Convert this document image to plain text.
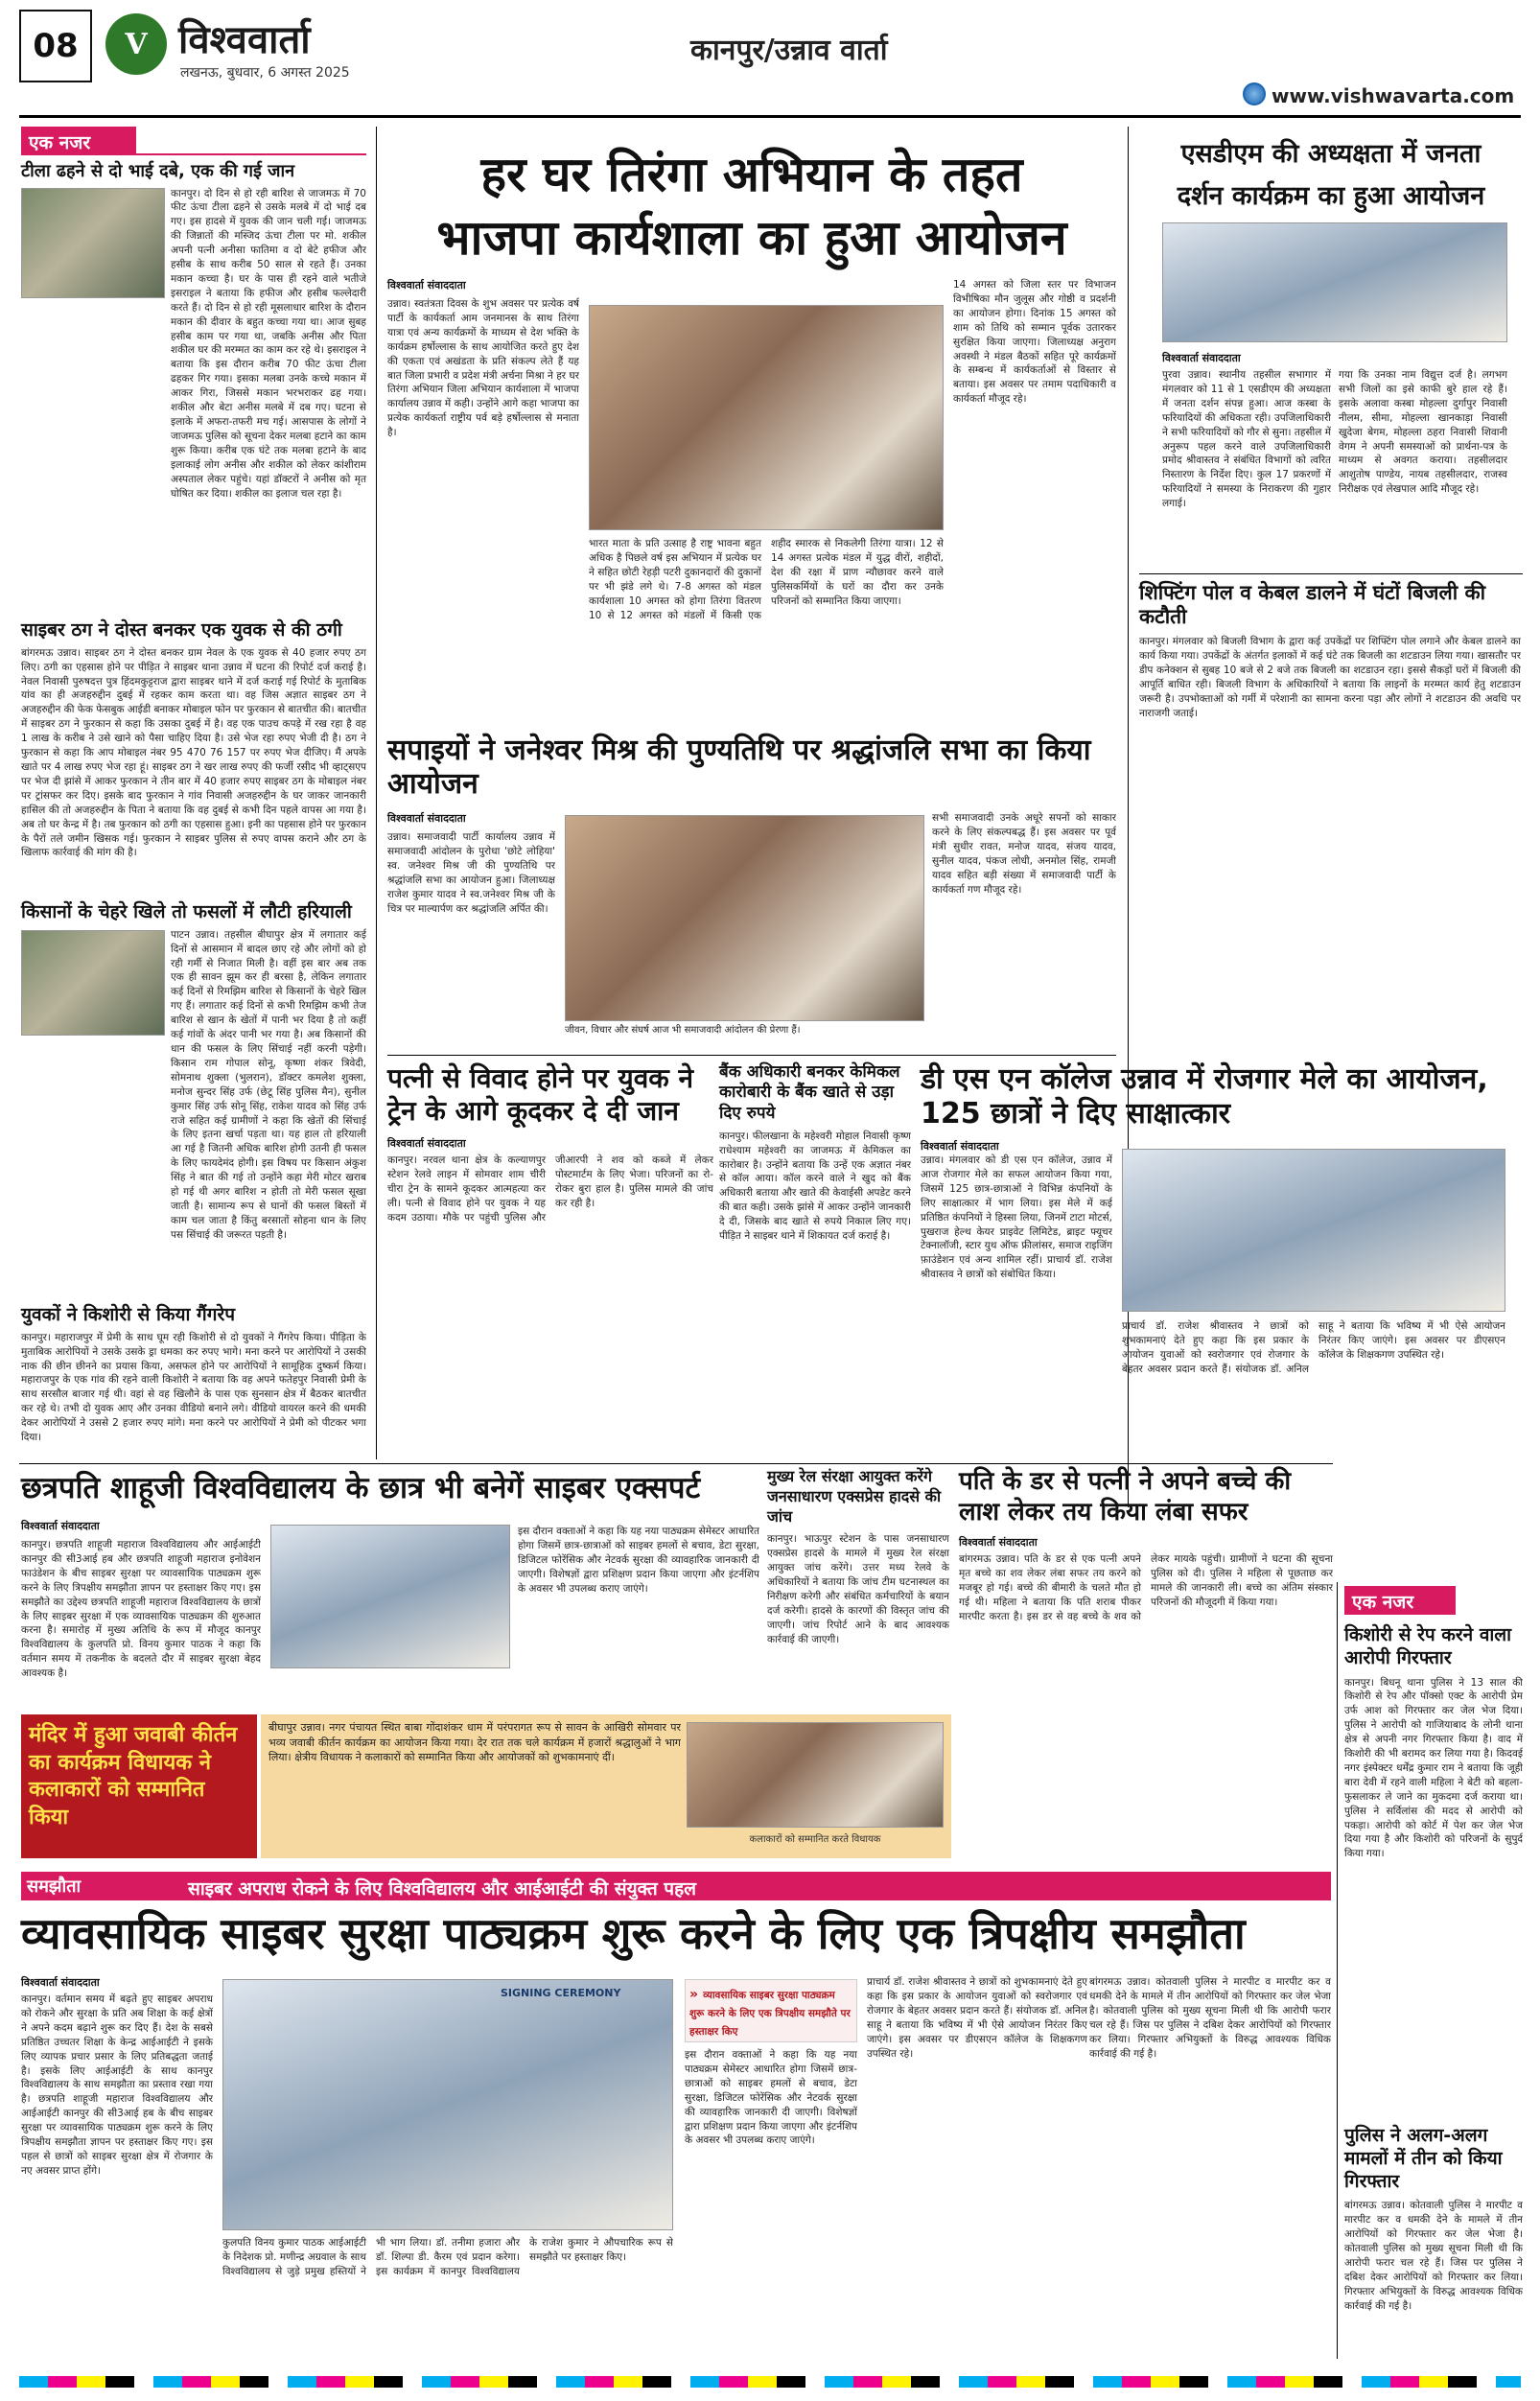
08 V विश्ववार्ता
लखनऊ, बुधवार, 6 अगस्त 2025
कानपुर/उन्नाव वार्ता
www.vishwavarta.com
एक नजर
टीला ढहने से दो भाई दबे, एक की गई जान
कानपुर। दो दिन से हो रही बारिश से जाजमऊ में 70 फीट ऊंचा टीला ढहने से उसके मलबे में दो भाई दब गए। इस हादसे में युवक की जान चली गई। जाजमऊ की जिन्नातों की मस्जिद ऊंचा टीला पर मो. शकील अपनी पत्नी अनीसा फातिमा व दो बेटे हफीज और हसीब के साथ करीब 50 साल से रहते हैं। उनका मकान कच्चा है। घर के पास ही रहने वाले भतीजे इसराइल ने बताया कि हफीज और हसीब फल्लेदारी करते हैं। दो दिन से हो रही मूसलाधार बारिश के दौरान मकान की दीवार के बहुत कच्चा गया था। आज सुबह हसीब काम पर गया था, जबकि अनीस और पिता शकील घर की मरम्मत का काम कर रहे थे। इसराइल ने बताया कि इस दौरान करीब 70 फीट ऊंचा टीला ढहकर गिर गया। इसका मलबा उनके कच्चे मकान में आकर गिरा, जिससे मकान भरभराकर ढह गया। शकील और बेटा अनीस मलबे में दब गए। घटना से इलाके में अफरा-तफरी मच गई। आसपास के लोगों ने जाजमऊ पुलिस को सूचना देकर मलबा हटाने का काम शुरू किया। करीब एक घंटे तक मलबा हटाने के बाद इलाकाई लोग अनीस और शकील को लेकर कांशीराम अस्पताल लेकर पहुंचे। यहां डॉक्टरों ने अनीस को मृत घोषित कर दिया। शकील का इलाज चल रहा है।
साइबर ठग ने दोस्त बनकर एक युवक से की ठगी
बांगरमऊ उन्नाव। साइबर ठग ने दोस्त बनकर ग्राम नेवल के एक युवक से 40 हजार रुपए ठग लिए। ठगी का एहसास होने पर पीड़ित ने साइबर थाना उन्नाव में घटना की रिपोर्ट दर्ज कराई है। नेवल निवासी पुरुषदत्त पुत्र हिंदमकुट्टराज द्वारा साइबर थाने में दर्ज कराई गई रिपोर्ट के मुताबिक यांव का ही अजहरुद्दीन दुबई में रहकर काम करता था। वह जिस अज्ञात साइबर ठग ने अजहरुद्दीन की फेक फेसबुक आईडी बनाकर मोबाइल फोन पर फुरकान से बातचीत की। बातचीत में साइबर ठग ने फुरकान से कहा कि उसका दुबई में है। वह एक पाउच कपड़े में रख रहा है वह 1 लाख के करीब ने उसे खाने को पैसा चाहिए दिया है। उसे भेज रहा रुपए भेजी दी है। ठग ने फुरकान से कहा कि आप मोबाइल नंबर 95 470 76 157 पर रुपए भेज दीजिए। मैं अपके खाते पर 4 लाख रुपए भेज रहा हूं। साइबर ठग ने खर लाख रुपए की फर्जी रसीद भी व्हाट्सएप पर भेज दी झांसे में आकर फुरकान ने तीन बार में 40 हजार रुपए साइबर ठग के मोबाइल नंबर पर ट्रांसफर कर दिए। इसके बाद फुरकान ने गांव निवासी अजहरुद्दीन के घर जाकर जानकारी हासिल की तो अजहरुद्दीन के पिता ने बताया कि वह दुबई से कभी दिन पहले वापस आ गया है। अब तो घर केन्द्र में है। तब फुरकान को ठगी का एहसास हुआ। इनी का पहसास होने पर फुरकान के पैरों तले जमीन खिसक गई। फुरकान ने साइबर पुलिस से रुपए वापस कराने और ठग के खिलाफ कार्रवाई की मांग की है।
किसानों के चेहरे खिले तो फसलों में लौटी हरियाली
पाटन उन्नाव। तहसील बीघापुर क्षेत्र में लगातार कई दिनों से आसमान में बादल छाए रहे और लोगों को हो रही गर्मी से निजात मिली है। वहीं इस बार अब तक एक ही सावन झूम कर ही बरसा है, लेकिन लगातार कई दिनों से रिमझिम बारिश से किसानों के चेहरे खिल गए हैं। लगातार कई दिनों से कभी रिमझिम कभी तेज बारिश से खान के खेतों में पानी भर दिया है तो कहीं कई गांवों के अंदर पानी भर गया है। अब किसानों की धान की फसल के लिए सिंचाई नहीं करनी पड़ेगी। किसान राम गोपाल सोनू, कृष्णा शंकर त्रिवेदी, सोमनाथ शुक्ला (भुलरान), डॉक्टर कमलेश शुक्ला, मनोज सुन्दर सिंह उर्फ (छेटू सिंह पुलिस मैन), सुनील कुमार सिंह उर्फ सोनू सिंह, राकेश यादव को सिंह उर्फ राजे सहित कई ग्रामीणों ने कहा कि खेतों की सिंचाई के लिए इतना खर्चा पड़ता था। यह हाल तो हरियाली आ गई है जितनी अधिक बारिश होगी उतनी ही फसल के लिए फायदेमंद होगी। इस विषय पर किसान अंकुश सिंह ने बात की गई तो उन्होंने कहा मेरी मोटर खराब हो गई थी अगर बारिश न होती तो मेरी फसल सूखा जाती है। सामान्य रूप से घानों की फसल बिस्तों में काम चल जाता है किंतु बरसातों सोहना धान के लिए पस सिंचाई की जरूरत पड़ती है।
युवकों ने किशोरी से किया गैंगरेप
कानपुर। महाराजपुर में प्रेमी के साथ घूम रही किशोरी से दो युवकों ने गैंगरेप किया। पीड़िता के मुताबिक आरोपियों ने उसके उसके ड्रा धमका कर रुपए भागे। मना करने पर आरोपियों ने उसकी नाक की छीन छीनने का प्रयास किया, असफल होने पर आरोपियों ने सामूहिक दुष्कर्म किया। महाराजपुर के एक गांव की रहने वाली किशोरी ने बताया कि वह अपने फतेहपुर निवासी प्रेमी के साथ सरसौल बाजार गई थी। वहां से वह खिलौने के पास एक सुनसान क्षेत्र में बैठकर बातचीत कर रहे थे। तभी दो युवक आए और उनका वीडियो बनाने लगे। वीडियो वायरल करने की धमकी देकर आरोपियों ने उससे 2 हजार रुपए मांगे। मना करने पर आरोपियों ने प्रेमी को पीटकर भगा दिया।
हर घर तिरंगा अभियान के तहत
भाजपा कार्यशाला का हुआ आयोजन
विश्ववार्ता संवाददाता
उन्नाव। स्वतंत्रता दिवस के शुभ अवसर पर प्रत्येक वर्ष पार्टी के कार्यकर्ता आम जनमानस के साथ तिरंगा यात्रा एवं अन्य कार्यक्रमों के माध्यम से देश भक्ति के कार्यक्रम हर्षोल्लास के साथ आयोजित करते हुए देश की एकता एवं अखंडता के प्रति संकल्प लेते हैं यह बात जिला प्रभारी व प्रदेश मंत्री अर्चना मिश्रा ने हर घर तिरंगा अभियान जिला अभियान कार्यशाला में भाजपा कार्यालय उन्नाव में कही। उन्होंने आगे कहा भाजपा का प्रत्येक कार्यकर्ता राष्ट्रीय पर्व बड़े हर्षोल्लास से मनाता है।
भारत माता के प्रति उत्साह है राष्ट्र भावना बहुत अधिक है पिछले वर्ष इस अभियान में प्रत्येक घर ने सहित छोटी रेहड़ी पटरी दुकानदारों की दुकानों पर भी झंडे लगे थे। 7-8 अगस्त को मंडल कार्यशाला 10 अगस्त को होगा तिरंगा वितरण 10 से 12 अगस्त को मंडलों में किसी एक शहीद स्मारक से निकलेगी तिरंगा यात्रा। 12 से 14 अगस्त प्रत्येक मंडल में युद्ध वीरों, शहीदों, देश की रक्षा में प्राण न्यौछावर करने वाले पुलिसकर्मियों के घरों का दौरा कर उनके परिजनों को सम्मानित किया जाएगा।
14 अगस्त को जिला स्तर पर विभाजन विभीषिका मौन जुलूस और गोष्ठी व प्रदर्शनी का आयोजन होगा। दिनांक 15 अगस्त को शाम को तिथि को सम्मान पूर्वक उतारकर सुरक्षित किया जाएगा। जिलाध्यक्ष अनुराग अवस्थी ने मंडल बैठकों सहित पूरे कार्यक्रमों के सम्बन्ध में कार्यकर्ताओं से विस्तार से बताया। इस अवसर पर तमाम पदाधिकारी व कार्यकर्ता मौजूद रहे।
सपाइयों ने जनेश्वर मिश्र की पुण्यतिथि पर श्रद्धांजलि सभा का किया आयोजन
विश्ववार्ता संवाददाता
उन्नाव। समाजवादी पार्टी कार्यालय उन्नाव में समाजवादी आंदोलन के पुरोधा 'छोटे लोहिया' स्व. जनेश्वर मिश्र जी की पुण्यतिथि पर श्रद्धांजलि सभा का आयोजन हुआ। जिलाध्यक्ष राजेश कुमार यादव ने स्व.जनेश्वर मिश्र जी के चित्र पर माल्यार्पण कर श्रद्धांजलि अर्पित की।
जीवन, विचार और संघर्ष आज भी समाजवादी आंदोलन की प्रेरणा हैं।
सभी समाजवादी उनके अधूरे सपनों को साकार करने के लिए संकल्पबद्ध हैं। इस अवसर पर पूर्व मंत्री सुधीर रावत, मनोज यादव, संजय यादव, सुनील यादव, पंकज लोधी, अनमोल सिंह, रामजी यादव सहित बड़ी संख्या में समाजवादी पार्टी के कार्यकर्ता गण मौजूद रहे।
पत्नी से विवाद होने पर युवक ने ट्रेन के आगे कूदकर दे दी जान
विश्ववार्ता संवाददाता
कानपुर। नरवल थाना क्षेत्र के कल्याणपुर स्टेशन रेलवे लाइन में सोमवार शाम चीरी चीरा ट्रेन के सामने कूदकर आत्महत्या कर ली। पत्नी से विवाद होने पर युवक ने यह कदम उठाया। मौके पर पहुंची पुलिस और जीआरपी ने शव को कब्जे में लेकर पोस्टमार्टम के लिए भेजा। परिजनों का रो-रोकर बुरा हाल है। पुलिस मामले की जांच कर रही है।
बैंक अधिकारी बनकर केमिकल कारोबारी के बैंक खाते से उड़ा दिए रुपये
कानपुर। फीलखाना के महेश्वरी मोहाल निवासी कृष्ण राधेश्याम महेश्वरी का जाजमऊ में केमिकल का कारोबार है। उन्होंने बताया कि उन्हें एक अज्ञात नंबर से कॉल आया। कॉल करने वाले ने खुद को बैंक अधिकारी बताया और खाते की केवाईसी अपडेट करने की बात कही। उसके झांसे में आकर उन्होंने जानकारी दे दी, जिसके बाद खाते से रुपये निकाल लिए गए। पीड़ित ने साइबर थाने में शिकायत दर्ज कराई है।
डी एस एन कॉलेज उन्नाव में रोजगार मेले का आयोजन, 125 छात्रों ने दिए साक्षात्कार
विश्ववार्ता संवाददाता
उन्नाव। मंगलवार को डी एस एन कॉलेज, उन्नाव में आज रोजगार मेले का सफल आयोजन किया गया, जिसमें 125 छात्र-छात्राओं ने विभिन्न कंपनियों के लिए साक्षात्कार में भाग लिया। इस मेले में कई प्रतिष्ठित कंपनियों ने हिस्सा लिया, जिनमें टाटा मोटर्स, पुखराज हेल्थ केयर प्राइवेट लिमिटेड, ब्राइट फ्यूचर टेक्नालॉजी, स्टार युथ ऑफ फ्रीलांसर, समाज राइजिंग फ़ाउंडेशन एवं अन्य शामिल रहीं। प्राचार्य डॉ. राजेश श्रीवास्तव ने छात्रों को संबोधित किया।
प्राचार्य डॉ. राजेश श्रीवास्तव ने छात्रों को शुभकामनाएं देते हुए कहा कि इस प्रकार के आयोजन युवाओं को स्वरोजगार एवं रोजगार के बेहतर अवसर प्रदान करते हैं। संयोजक डॉ. अनिल साहू ने बताया कि भविष्य में भी ऐसे आयोजन निरंतर किए जाएंगे। इस अवसर पर डीएसएन कॉलेज के शिक्षकगण उपस्थित रहे।
एसडीएम की अध्यक्षता में जनता
दर्शन कार्यक्रम का हुआ आयोजन
विश्ववार्ता संवाददाता
पुरवा उन्नाव। स्थानीय तहसील सभागार में मंगलवार को 11 से 1 एसडीएम की अध्यक्षता में जनता दर्शन संपन्न हुआ। आज कस्बा के फरियादियों की अधिकता रही। उपजिलाधिकारी ने सभी फरियादियों को गौर से सुना। तहसील में अनुरूप पहल करने वाले उपजिलाधिकारी प्रमोद श्रीवास्तव ने संबंधित विभागों को त्वरित निस्तारण के निर्देश दिए। कुल 17 प्रकरणों में फरियादियों ने समस्या के निराकरण की गुहार लगाई।
गया कि उनका नाम विद्युत्त दर्ज है। लगभग सभी जिलों का इसे काफी बुरे हाल रहे हैं। इसके अलावा कस्बा मोहल्ला दुर्गापुर निवासी नीलम, सीमा, मोहल्ला खानकाड़ा निवासी खुदेजा बेगम, मोहल्ला ठहरा निवासी शिवानी वेगम ने अपनी समस्याओं को प्रार्थना-पत्र के माध्यम से अवगत कराया। तहसीलदार आशुतोष पाण्डेय, नायब तहसीलदार, राजस्व निरीक्षक एवं लेखपाल आदि मौजूद रहे।
शिफ्टिंग पोल व केबल डालने में घंटों बिजली की कटौती
कानपुर। मंगलवार को बिजली विभाग के द्वारा कई उपकेंद्रों पर शिफ्टिंग पोल लगाने और केबल डालने का कार्य किया गया। उपकेंद्रों के अंतर्गत इलाकों में कई घंटे तक बिजली का शटडाउन लिया गया। खासतौर पर डीप कनेक्शन से सुबह 10 बजे से 2 बजे तक बिजली का शटडाउन रहा। इससे सैकड़ों घरों में बिजली की आपूर्ति बाधित रही। बिजली विभाग के अधिकारियों ने बताया कि लाइनों के मरम्मत कार्य हेतु शटडाउन जरूरी है। उपभोक्ताओं को गर्मी में परेशानी का सामना करना पड़ा और लोगों ने शटडाउन की अवधि पर नाराजगी जताई।
एक नजर
किशोरी से रेप करने वाला आरोपी गिरफ्तार
कानपुर। बिधनू थाना पुलिस ने 13 साल की किशोरी से रेप और पॉक्सो एक्ट के आरोपी प्रेम उर्फ आश को गिरफ्तार कर जेल भेज दिया। पुलिस ने आरोपी को गाजियाबाद के लोनी थाना क्षेत्र से अपनी नगर गिरफ्तार किया है। वाद में किशोरी की भी बरामद कर लिया गया है। किदवई नगर इंस्पेक्टर धर्मेंद्र कुमार राम ने बताया कि जूही बारा देवी में रहने वाली महिला ने बेटी को बहला-फुसलाकर ले जाने का मुकदमा दर्ज कराया था। पुलिस ने सर्विलांस की मदद से आरोपी को पकड़ा। आरोपी को कोर्ट में पेश कर जेल भेज दिया गया है और किशोरी को परिजनों के सुपुर्द किया गया।
पुलिस ने अलग-अलग मामलों में तीन को किया गिरफ्तार
बांगरमऊ उन्नाव। कोतवाली पुलिस ने मारपीट व मारपीट कर व धमकी देने के मामले में तीन आरोपियों को गिरफ्तार कर जेल भेजा है। कोतवाली पुलिस को मुख्य सूचना मिली थी कि आरोपी फरार चल रहे हैं। जिस पर पुलिस ने दबिश देकर आरोपियों को गिरफ्तार कर लिया। गिरफ्तार अभियुक्तों के विरुद्ध आवश्यक विधिक कार्रवाई की गई है।
छत्रपति शाहूजी विश्वविद्यालय के छात्र भी बनेगें साइबर एक्सपर्ट
विश्ववार्ता संवाददाता
कानपुर। छत्रपति शाहूजी महाराज विश्वविद्यालय और आईआईटी कानपुर की सी3आई हब और छत्रपति शाहूजी महाराज इनोवेशन फाउंडेशन के बीच साइबर सुरक्षा पर व्यावसायिक पाठ्यक्रम शुरू करने के लिए त्रिपक्षीय समझौता ज्ञापन पर हस्ताक्षर किए गए। इस समझौते का उद्देश्य छत्रपति शाहूजी महाराज विश्वविद्यालय के छात्रों के लिए साइबर सुरक्षा में एक व्यावसायिक पाठ्यक्रम की शुरुआत करना है। समारोह में मुख्य अतिथि के रूप में मौजूद कानपुर विश्वविद्यालय के कुलपति प्रो. विनय कुमार पाठक ने कहा कि वर्तमान समय में तकनीक के बदलते दौर में साइबर सुरक्षा बेहद आवश्यक है।
इस दौरान वक्ताओं ने कहा कि यह नया पाठ्यक्रम सेमेस्टर आधारित होगा जिसमें छात्र-छात्राओं को साइबर हमलों से बचाव, डेटा सुरक्षा, डिजिटल फोरेंसिक और नेटवर्क सुरक्षा की व्यावहारिक जानकारी दी जाएगी। विशेषज्ञों द्वारा प्रशिक्षण प्रदान किया जाएगा और इंटर्नशिप के अवसर भी उपलब्ध कराए जाएंगे।
मुख्य रेल संरक्षा आयुक्त करेंगे जनसाधारण एक्सप्रेस हादसे की जांच
कानपुर। भाऊपुर स्टेशन के पास जनसाधारण एक्सप्रेस हादसे के मामले में मुख्य रेल संरक्षा आयुक्त जांच करेंगे। उत्तर मध्य रेलवे के अधिकारियों ने बताया कि जांच टीम घटनास्थल का निरीक्षण करेगी और संबंधित कर्मचारियों के बयान दर्ज करेगी। हादसे के कारणों की विस्तृत जांच की जाएगी। जांच रिपोर्ट आने के बाद आवश्यक कार्रवाई की जाएगी।
पति के डर से पत्नी ने अपने बच्चे की लाश लेकर तय किया लंबा सफर
विश्ववार्ता संवाददाता
बांगरमऊ उन्नाव। पति के डर से एक पत्नी अपने मृत बच्चे का शव लेकर लंबा सफर तय करने को मजबूर हो गई। बच्चे की बीमारी के चलते मौत हो गई थी। महिला ने बताया कि पति शराब पीकर मारपीट करता है। इस डर से वह बच्चे के शव को लेकर मायके पहुंची। ग्रामीणों ने घटना की सूचना पुलिस को दी। पुलिस ने महिला से पूछताछ कर मामले की जानकारी ली। बच्चे का अंतिम संस्कार परिजनों की मौजूदगी में किया गया।
मंदिर में हुआ जवाबी कीर्तन का कार्यक्रम विधायक ने कलाकारों को सम्मानित किया
बीघापुर उन्नाव। नगर पंचायत स्थित बाबा गोंदाशंकर धाम में परंपरागत रूप से सावन के आखिरी सोमवार पर भव्य जवाबी कीर्तन कार्यक्रम का आयोजन किया गया। देर रात तक चले कार्यक्रम में हजारों श्रद्धालुओं ने भाग लिया। क्षेत्रीय विधायक ने कलाकारों को सम्मानित किया और आयोजकों को शुभकामनाएं दीं।
कलाकारों को सम्मानित करते विधायक
समझौता	साइबर अपराध रोकने के लिए विश्वविद्यालय और आईआईटी की संयुक्त पहल
व्यावसायिक साइबर सुरक्षा पाठ्यक्रम शुरू करने के लिए एक त्रिपक्षीय समझौता
विश्ववार्ता संवाददाता
कानपुर। वर्तमान समय में बढ़ते हुए साइबर अपराध को रोकने और सुरक्षा के प्रति अब शिक्षा के कई क्षेत्रों ने अपने कदम बढ़ाने शुरू कर दिए हैं। देश के सबसे प्रतिष्ठित उच्चतर शिक्षा के केन्द्र आईआईटी ने इसके लिए व्यापक प्रचार प्रसार के लिए प्रतिबद्धता जताई है। इसके लिए आईआईटी के साथ कानपुर विश्वविद्यालय के साथ समझौता का प्रस्ताव रखा गया है। छत्रपति शाहूजी महाराज विश्वविद्यालय और आईआईटी कानपुर की सी3आई हब के बीच साइबर सुरक्षा पर व्यावसायिक पाठ्यक्रम शुरू करने के लिए त्रिपक्षीय समझौता ज्ञापन पर हस्ताक्षर किए गए। इस पहल से छात्रों को साइबर सुरक्षा क्षेत्र में रोजगार के नए अवसर प्राप्त होंगे।
SIGNING CEREMONY
कुलपति विनय कुमार पाठक आईआईटी के निदेशक प्रो. मणीन्द्र अग्रवाल के साथ विश्वविद्यालय से जुड़े प्रमुख हस्तियों ने भी भाग लिया। डॉ. तनीमा हजारा और डॉ. शिल्पा डी. कैरम एवं प्रदान करेगा। इस कार्यक्रम में कानपुर विश्वविद्यालय के राजेश कुमार ने औपचारिक रूप से समझौते पर हस्ताक्षर किए।
» व्यावसायिक साइबर सुरक्षा पाठ्यक्रम शुरू करने के लिए एक त्रिपक्षीय समझौते पर हस्ताक्षर किए
इस दौरान वक्ताओं ने कहा कि यह नया पाठ्यक्रम सेमेस्टर आधारित होगा जिसमें छात्र-छात्राओं को साइबर हमलों से बचाव, डेटा सुरक्षा, डिजिटल फोरेंसिक और नेटवर्क सुरक्षा की व्यावहारिक जानकारी दी जाएगी। विशेषज्ञों द्वारा प्रशिक्षण प्रदान किया जाएगा और इंटर्नशिप के अवसर भी उपलब्ध कराए जाएंगे।
प्राचार्य डॉ. राजेश श्रीवास्तव ने छात्रों को शुभकामनाएं देते हुए कहा कि इस प्रकार के आयोजन युवाओं को स्वरोजगार एवं रोजगार के बेहतर अवसर प्रदान करते हैं। संयोजक डॉ. अनिल साहू ने बताया कि भविष्य में भी ऐसे आयोजन निरंतर किए जाएंगे। इस अवसर पर डीएसएन कॉलेज के शिक्षकगण उपस्थित रहे।
बांगरमऊ उन्नाव। कोतवाली पुलिस ने मारपीट व मारपीट कर व धमकी देने के मामले में तीन आरोपियों को गिरफ्तार कर जेल भेजा है। कोतवाली पुलिस को मुख्य सूचना मिली थी कि आरोपी फरार चल रहे हैं। जिस पर पुलिस ने दबिश देकर आरोपियों को गिरफ्तार कर लिया। गिरफ्तार अभियुक्तों के विरुद्ध आवश्यक विधिक कार्रवाई की गई है।
